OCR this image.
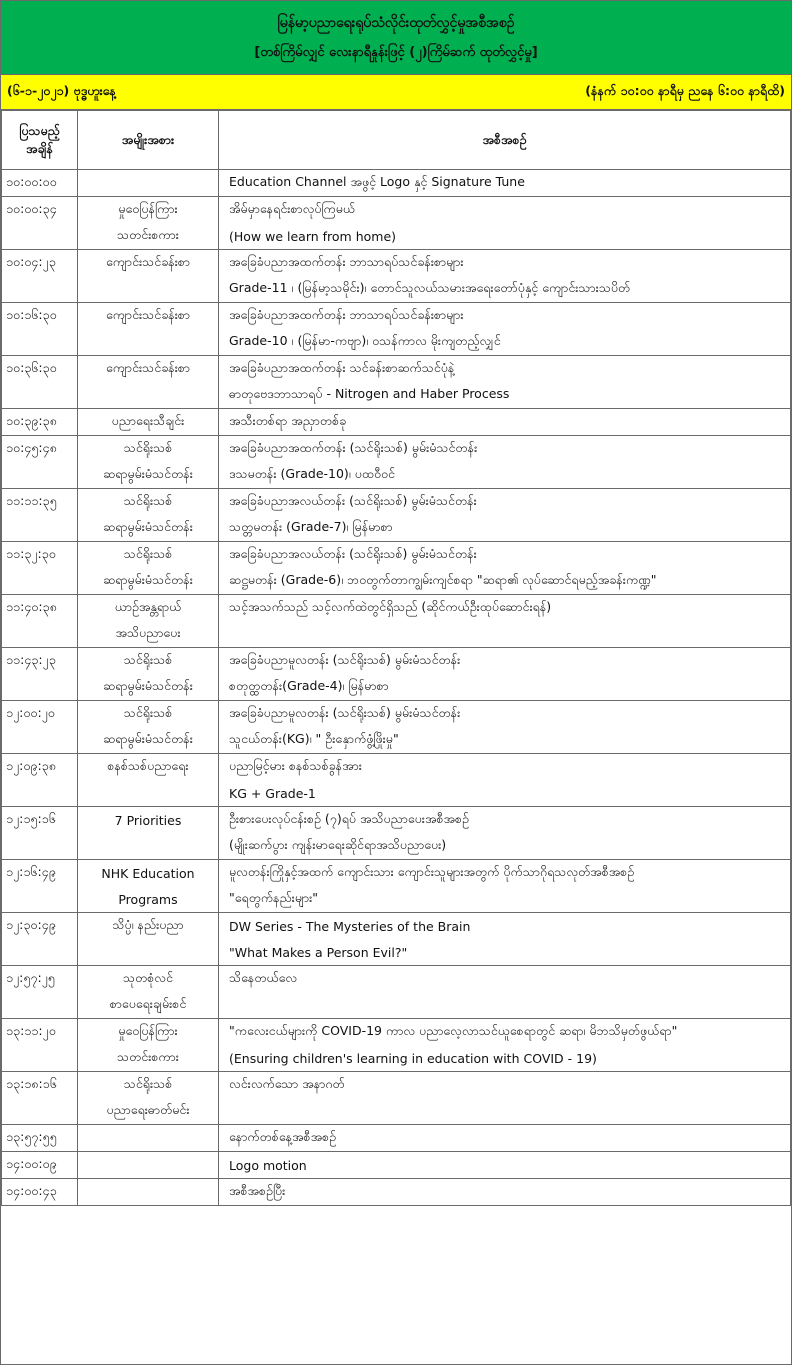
မြန်မာ့ပညာရေးရုပ်သံလိုင်းထုတ်လွှင့်မှုအစီအစဉ်
[တစ်ကြိမ်လျှင် လေးနာရီနှုန်းဖြင့် (၂)ကြိမ်ဆက် ထုတ်လွှင့်မှု]
(၆-၁-၂၀၂၁) ဗုဒ္ဓဟူးနေ့	(နံနက် ၁၀:၀၀ နာရီမှ ညနေ ၆:၀၀ နာရီထိ)
ပြသမည့် အချိန်	အမျိုးအစား	အစီအစဉ်
၁၀:၀၀:၀၀		Education Channel အဖွင့် Logo နှင့် Signature Tune
၁၀:၀၀:၃၄	မှုဝေပြန်ကြား	အိမ်မှာနေရင်းစာလုပ်ကြမယ်
	သတင်းစကား	(How we learn from home)
၁၀:၀၄:၂၃	ကျောင်းသင်ခန်းစာ	အခြေခံပညာအထက်တန်း ဘာသာရပ်သင်ခန်းစာများ
		Grade-11 ၊ (မြန်မာ့သမိုင်း)၊ တောင်သူလယ်သမားအရေးတော်ပုံနှင့် ကျောင်းသားသပိတ်
၁၀:၁၆:၃၀	ကျောင်းသင်ခန်းစာ	အခြေခံပညာအထက်တန်း ဘာသာရပ်သင်ခန်းစာများ
		Grade-10 ၊ (မြန်မာ-ကဗျာ)၊ ဝသန်ကာလ မိုးကျတည့်လျှင်
၁၀:၃၆:၃၀	ကျောင်းသင်ခန်းစာ	အခြေခံပညာအထက်တန်း သင်ခန်းစာဆက်သင်ပုံနဲ့
		ဓာတုဗေဒဘာသာရပ် - Nitrogen and Haber Process
၁၀:၃၉:၃၈	ပညာရေးသီချင်း	အသီးတစ်ရာ အညှာတစ်ခု
၁၀:၄၅:၄၈	သင်ရိုးသစ်	အခြေခံပညာအထက်တန်း (သင်ရိုးသစ်) မွမ်းမံသင်တန်း
	ဆရာမွမ်းမံသင်တန်း	ဒသမတန်း (Grade-10)၊ ပထဝီဝင်
၁၁:၁၁:၃၅	သင်ရိုးသစ်	အခြေခံပညာအလယ်တန်း (သင်ရိုးသစ်) မွမ်းမံသင်တန်း
	ဆရာမွမ်းမံသင်တန်း	သတ္တမတန်း (Grade-7)၊ မြန်မာစာ
၁၁:၃၂:၃၀	သင်ရိုးသစ်	အခြေခံပညာအလယ်တန်း (သင်ရိုးသစ်) မွမ်းမံသင်တန်း
	ဆရာမွမ်းမံသင်တန်း	ဆဋ္ဌမတန်း (Grade-6)၊ ဘဝတွက်တာကျွမ်းကျင်စရာ "ဆရာ၏ လုပ်ဆောင်ရမည့်အခန်းကဏ္ဍ"
၁၁:၄၀:၃၈	ယာဉ်အန္တရာယ်	သင့်အသက်သည် သင့်လက်ထဲတွင်ရှိသည် (ဆိုင်ကယ်ဦးထုပ်ဆောင်းရန်)
	အသိပညာပေး	
၁၁:၄၃:၂၃	သင်ရိုးသစ်	အခြေခံပညာမူလတန်း (သင်ရိုးသစ်) မွမ်းမံသင်တန်း
	ဆရာမွမ်းမံသင်တန်း	စတုတ္ထတန်း(Grade-4)၊ မြန်မာစာ
၁၂:၀၀:၂၀	သင်ရိုးသစ်	အခြေခံပညာမူလတန်း (သင်ရိုးသစ်) မွမ်းမံသင်တန်း
	ဆရာမွမ်းမံသင်တန်း	သူငယ်တန်း(KG)၊ " ဦးနှောက်ဖွံ့ဖြိုးမှု"
၁၂:၀၉:၃၈	စနစ်သစ်ပညာရေး	ပညာမြင့်မား စနစ်သစ်ခွန်အား
		KG + Grade-1
၁၂:၁၅:၁၆	7 Priorities	ဦးစားပေးလုပ်ငန်းစဉ် (၇)ရပ် အသိပညာပေးအစီအစဉ်
		(မျိုးဆက်ပွား ကျန်းမာရေးဆိုင်ရာအသိပညာပေး)
၁၂:၁၆:၄၉	NHK Education	မူလတန်းကြိုနှင့်အထက် ကျောင်းသား ကျောင်းသူများအတွက် ပိုက်သာဂိုရသလုတ်အစီအစဉ်
	Programs	"ရေတွက်နည်းများ"
၁၂:၃၀:၄၉	သိပ္ပံ၊ နည်းပညာ	DW Series - The Mysteries of the Brain
		"What Makes a Person Evil?"
၁၂:၅၇:၂၅	သုတစုံလင်	သိနေတယ်လေ
	စာပေရေးချမ်းစင်	
၁၃:၁၁:၂၀	မှုဝေပြန်ကြား	"ကလေးငယ်များကို COVID-19 ကာလ ပညာလေ့လာသင်ယူစေရာတွင် ဆရာ၊ မိဘသိမှတ်ဖွယ်ရာ"
	သတင်းစကား	(Ensuring children's learning in education with COVID - 19)
၁၃:၁၈:၁၆	သင်ရိုးသစ်	လင်းလက်သော အနာဂတ်
	ပညာရေးဓာတ်မင်း	
၁၃:၅၇:၅၅		နောက်တစ်နေ့အစီအစဉ်
၁၄:၀၀:၀၉		Logo motion
၁၄:၀၀:၄၃		အစီအစဉ်ပြီး
